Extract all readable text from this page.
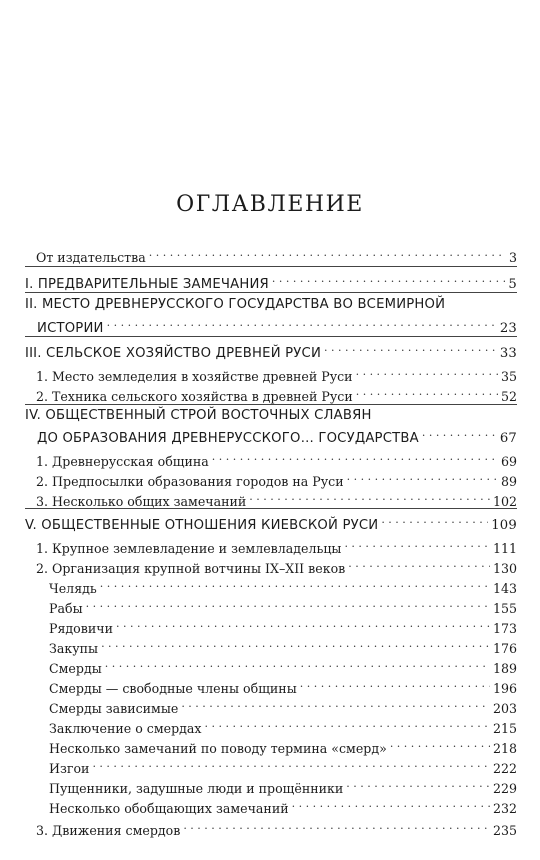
ОГЛАВЛЕНИЕ
От издательства . . .	3
I. ПРЕДВАРИТЕЛЬНЫЕ ЗАМЕЧАНИЯ . . .	5
II. МЕСТО ДРЕВНЕРУССКОГО ГОСУДАРСТВА ВО ВСЕМИРНОЙ
ИСТОРИИ . . .	23
III. СЕЛЬСКОЕ ХОЗЯЙСТВО ДРЕВНЕЙ РУСИ . . .	33
1. Место земледелия в хозяйстве древней Руси . . .	35
2. Техника сельского хозяйства в древней Руси . . .	52
IV. ОБЩЕСТВЕННЫЙ СТРОЙ ВОСТОЧНЫХ СЛАВЯН
ДО ОБРАЗОВАНИЯ ДРЕВНЕРУССКОГО… ГОСУДАРСТВА . . .	67
1. Древнерусская община . . .	69
2. Предпосылки образования городов на Руси . . .	89
3. Несколько общих замечаний . . .	102
V. ОБЩЕСТВЕННЫЕ ОТНОШЕНИЯ КИЕВСКОЙ РУСИ . . .	109
1. Крупное землевладение и землевладельцы . . .	111
2. Организация крупной вотчины IX–XII веков . . .	130
Челядь . . .	143
Рабы . . .	155
Рядовичи . . .	173
Закупы . . .	176
Смерды . . .	189
Смерды — свободные члены общины . . .	196
Смерды зависимые . . .	203
Заключение о смердах . . .	215
Несколько замечаний по поводу термина «смерд» . . .	218
Изгои . . .	222
Пущенники, задушные люди и прощённики . . .	229
Несколько обобщающих замечаний . . .	232
3. Движения смердов . . .	235
